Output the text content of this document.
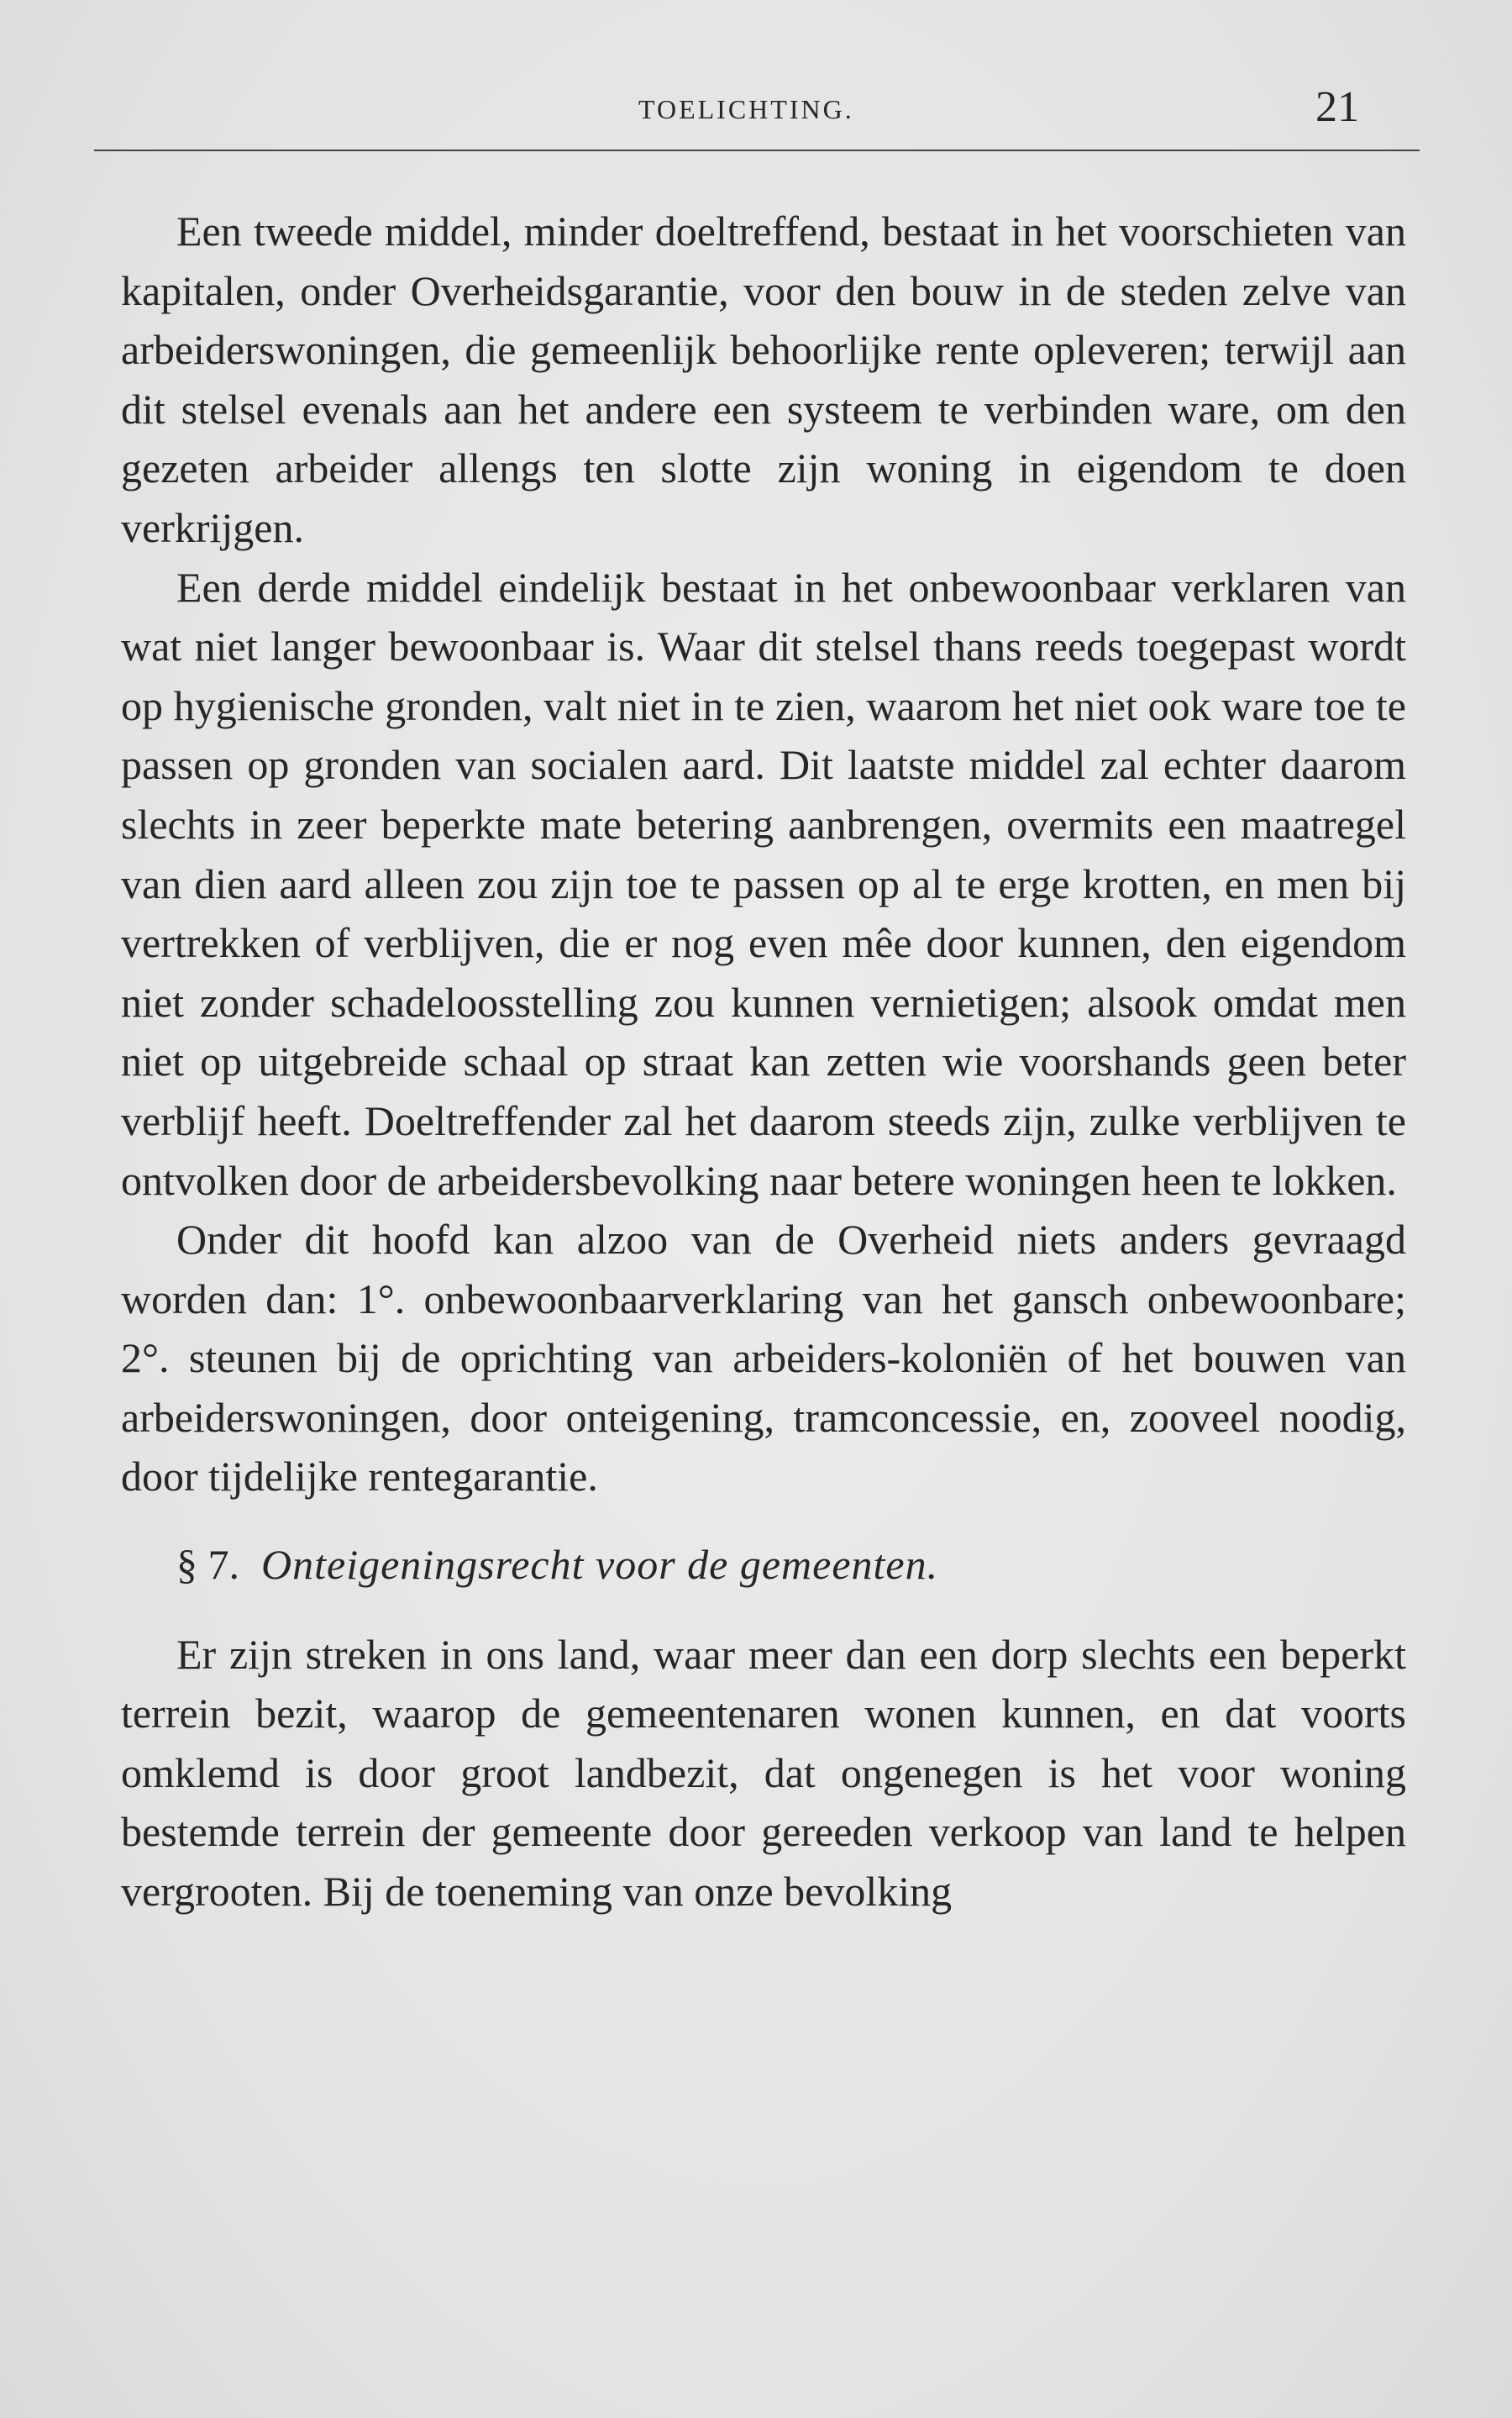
TOELICHTING.	21

Een tweede middel, minder doeltreffend, bestaat in het voorschieten van kapitalen, onder Overheidsgarantie, voor den bouw in de steden zelve van arbeiderswoningen, die gemeenlijk behoorlijke rente opleveren; terwijl aan dit stelsel evenals aan het andere een systeem te verbinden ware, om den gezeten arbeider allengs ten slotte zijn woning in eigendom te doen verkrijgen.

Een derde middel eindelijk bestaat in het onbewoonbaar verklaren van wat niet langer bewoonbaar is. Waar dit stelsel thans reeds toegepast wordt op hygienische gronden, valt niet in te zien, waarom het niet ook ware toe te passen op gronden van socialen aard. Dit laatste middel zal echter daarom slechts in zeer beperkte mate betering aanbrengen, overmits een maatregel van dien aard alleen zou zijn toe te passen op al te erge krotten, en men bij vertrekken of verblijven, die er nog even mêe door kunnen, den eigendom niet zonder schadeloosstelling zou kunnen vernietigen; alsook omdat men niet op uitgebreide schaal op straat kan zetten wie voorshands geen beter verblijf heeft. Doeltreffender zal het daarom steeds zijn, zulke verblijven te ontvolken door de arbeidersbevolking naar betere woningen heen te lokken.

Onder dit hoofd kan alzoo van de Overheid niets anders gevraagd worden dan: 1°. onbewoonbaarverklaring van het gansch onbewoonbare; 2°. steunen bij de oprichting van arbeiders-koloniën of het bouwen van arbeiderswoningen, door onteigening, tramconcessie, en, zooveel noodig, door tijdelijke rentegarantie.

§ 7. Onteigeningsrecht voor de gemeenten.

Er zijn streken in ons land, waar meer dan een dorp slechts een beperkt terrein bezit, waarop de gemeentenaren wonen kunnen, en dat voorts omklemd is door groot landbezit, dat ongenegen is het voor woning bestemde terrein der gemeente door gereeden verkoop van land te helpen vergrooten. Bij de toeneming van onze bevolking
